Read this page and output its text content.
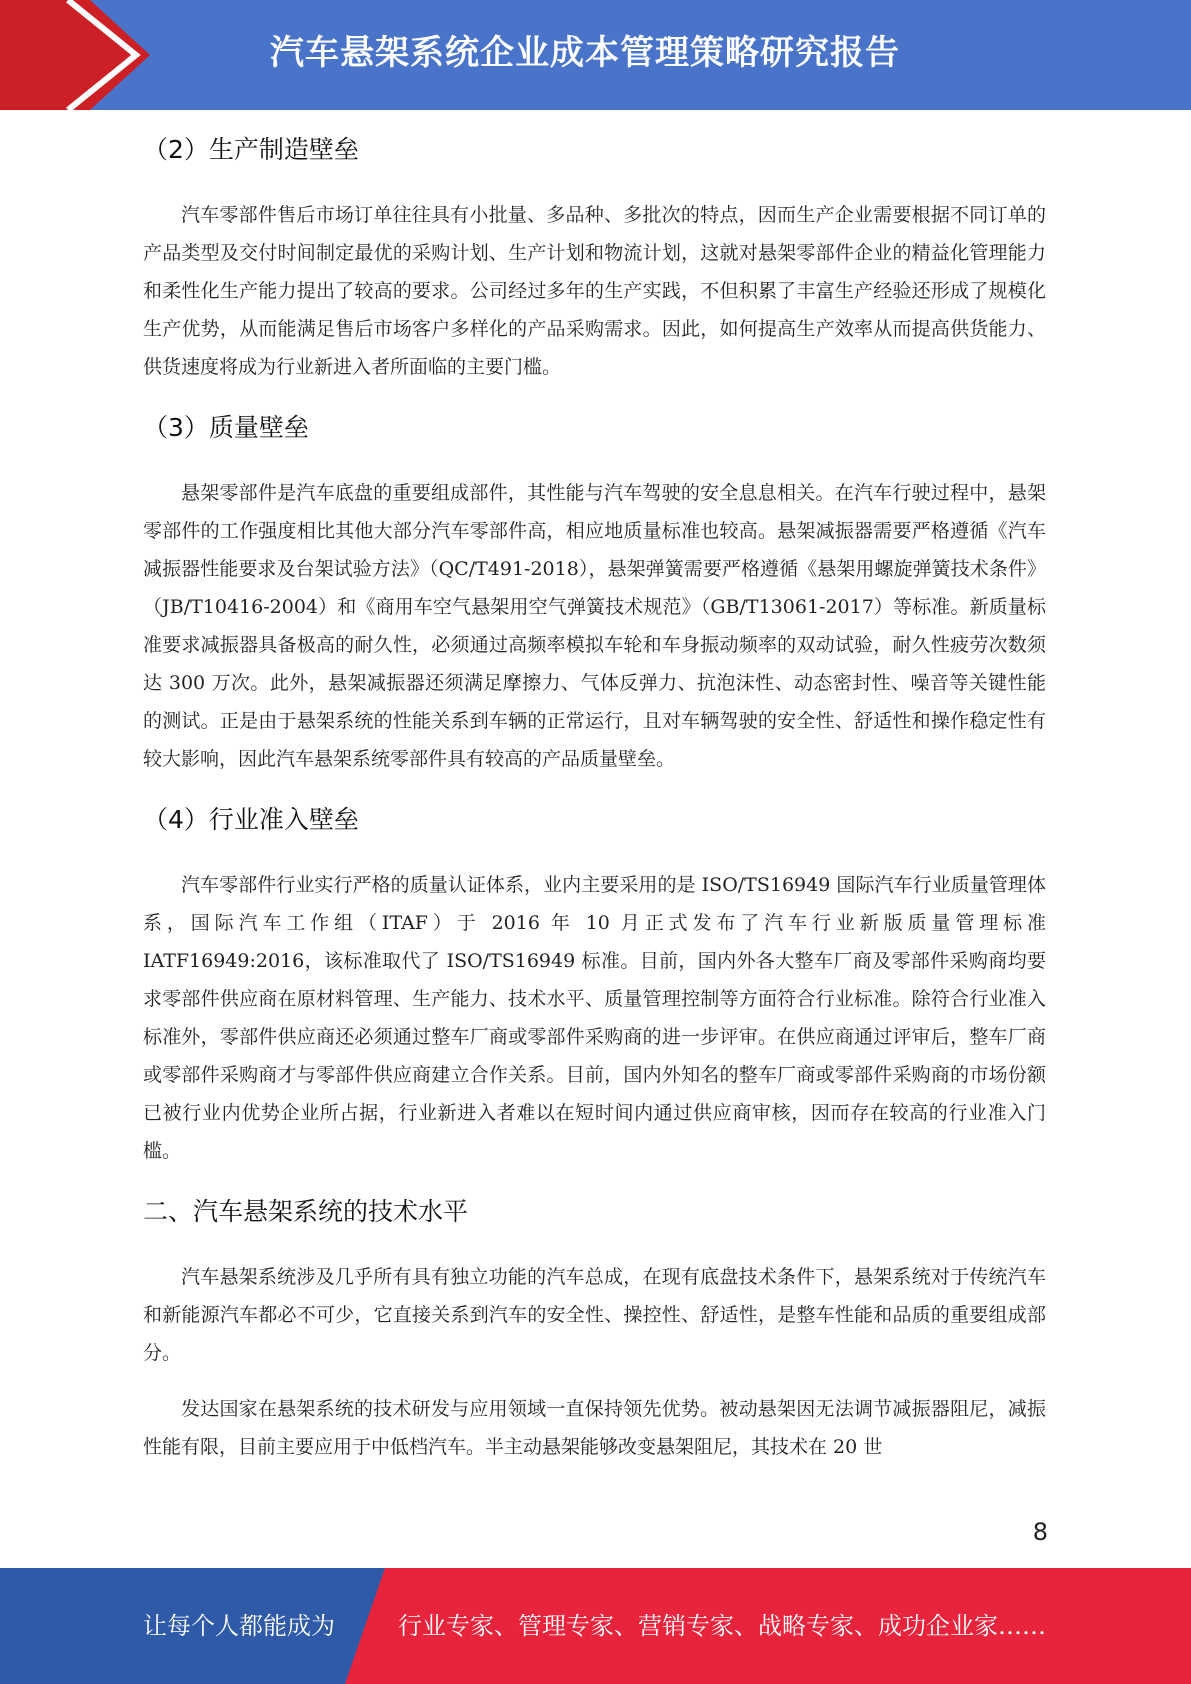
汽车悬架系统企业成本管理策略研究报告
（2）生产制造壁垒

汽车零部件售后市场订单往往具有小批量、多品种、多批次的特点，因而生产企业需要根据不同订单的产品类型及交付时间制定最优的采购计划、生产计划和物流计划，这就对悬架零部件企业的精益化管理能力和柔性化生产能力提出了较高的要求。公司经过多年的生产实践，不但积累了丰富生产经验还形成了规模化生产优势，从而能满足售后市场客户多样化的产品采购需求。因此，如何提高生产效率从而提高供货能力、供货速度将成为行业新进入者所面临的主要门槛。

（3）质量壁垒

悬架零部件是汽车底盘的重要组成部件，其性能与汽车驾驶的安全息息相关。在汽车行驶过程中，悬架零部件的工作强度相比其他大部分汽车零部件高，相应地质量标准也较高。悬架减振器需要严格遵循《汽车减振器性能要求及台架试验方法》（QC/T491-2018），悬架弹簧需要严格遵循《悬架用螺旋弹簧技术条件》（JB/T10416-2004）和《商用车空气悬架用空气弹簧技术规范》（GB/T13061-2017）等标准。新质量标准要求减振器具备极高的耐久性，必须通过高频率模拟车轮和车身振动频率的双动试验，耐久性疲劳次数须达 300 万次。此外，悬架减振器还须满足摩擦力、气体反弹力、抗泡沫性、动态密封性、噪音等关键性能的测试。正是由于悬架系统的性能关系到车辆的正常运行，且对车辆驾驶的安全性、舒适性和操作稳定性有较大影响，因此汽车悬架系统零部件具有较高的产品质量壁垒。

（4）行业准入壁垒

汽车零部件行业实行严格的质量认证体系，业内主要采用的是 ISO/TS16949 国际汽车行业质量管理体系，国际汽车工作组（ITAF）于 2016 年 10 月正式发布了汽车行业新版质量管理标准 IATF16949:2016，该标准取代了 ISO/TS16949 标准。目前，国内外各大整车厂商及零部件采购商均要求零部件供应商在原材料管理、生产能力、技术水平、质量管理控制等方面符合行业标准。除符合行业准入标准外，零部件供应商还必须通过整车厂商或零部件采购商的进一步评审。在供应商通过评审后，整车厂商或零部件采购商才与零部件供应商建立合作关系。目前，国内外知名的整车厂商或零部件采购商的市场份额已被行业内优势企业所占据，行业新进入者难以在短时间内通过供应商审核，因而存在较高的行业准入门槛。

二、汽车悬架系统的技术水平

汽车悬架系统涉及几乎所有具有独立功能的汽车总成，在现有底盘技术条件下，悬架系统对于传统汽车和新能源汽车都必不可少，它直接关系到汽车的安全性、操控性、舒适性，是整车性能和品质的重要组成部分。

发达国家在悬架系统的技术研发与应用领域一直保持领先优势。被动悬架因无法调节减振器阻尼，减振性能有限，目前主要应用于中低档汽车。半主动悬架能够改变悬架阻尼，其技术在 20 世

8
让每个人都能成为	行业专家、管理专家、营销专家、战略专家、成功企业家……
